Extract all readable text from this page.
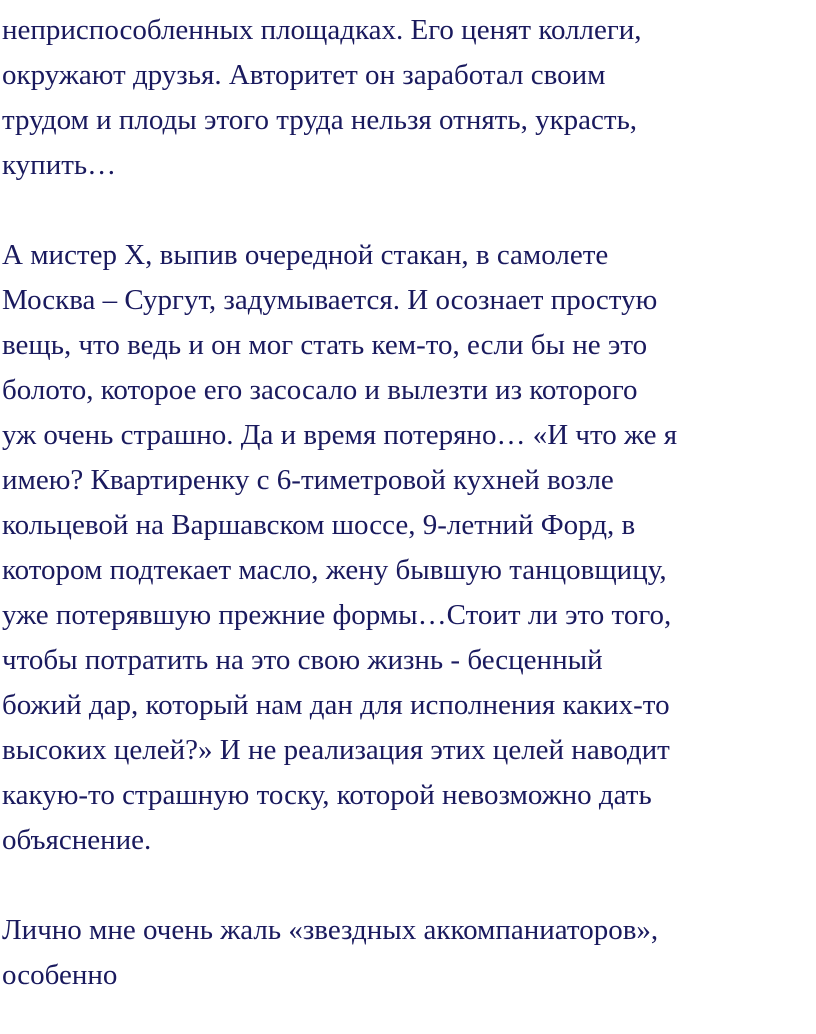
неприспособленных площадках. Его ценят коллеги,
окружают друзья. Авторитет он заработал своим
трудом и плоды этого труда нельзя отнять, украсть,
купить…

А мистер Х, выпив очередной стакан, в самолете
Москва – Сургут, задумывается. И осознает простую
вещь, что ведь и он мог стать кем-то, если бы не это
болото, которое его засосало и вылезти из которого
уж очень страшно. Да и время потеряно… «И что же я
имею? Квартиренку с 6-тиметровой кухней возле
кольцевой на Варшавском шоссе, 9-летний Форд, в
котором подтекает масло, жену бывшую танцовщицу,
уже потерявшую прежние формы…Стоит ли это того,
чтобы потратить на это свою жизнь - бесценный
божий дар, который нам дан для исполнения каких-то
высоких целей?» И не реализация этих целей наводит
какую-то страшную тоску, которой невозможно дать
объяснение.

Лично мне очень жаль «звездных аккомпаниаторов»,
особенно
